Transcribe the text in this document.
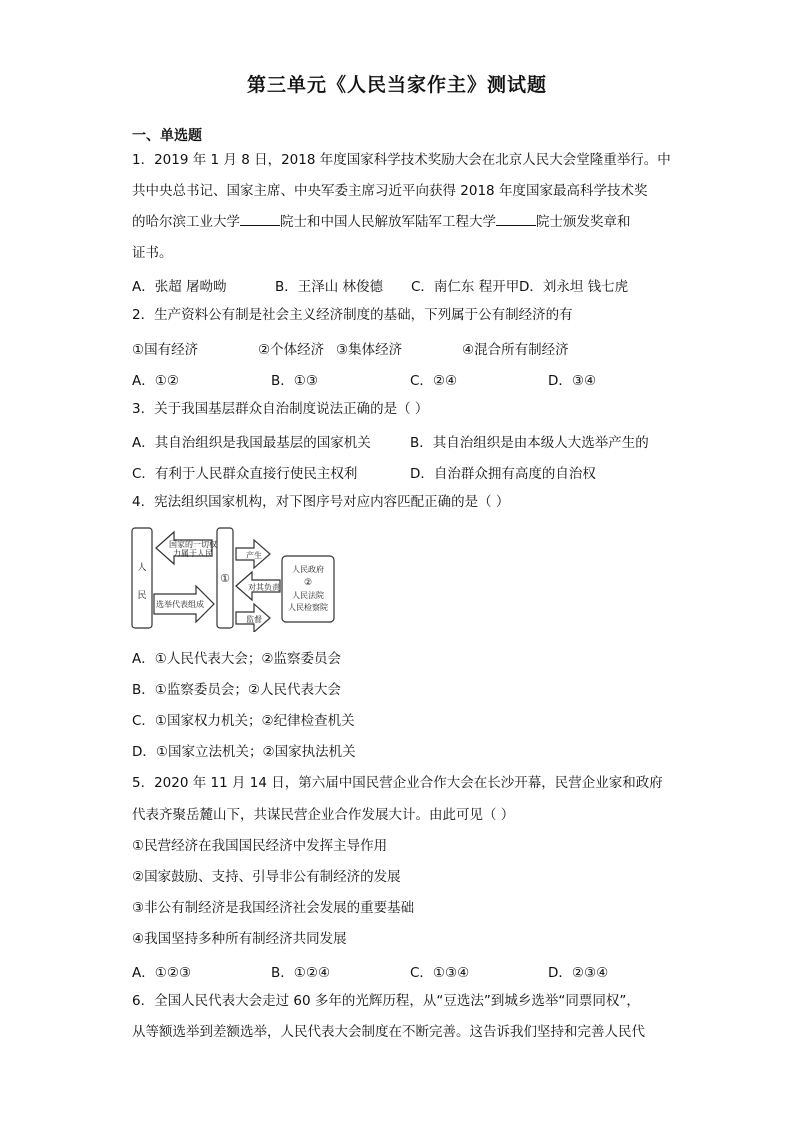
第三单元《人民当家作主》测试题
一、单选题
1．2019 年 1 月 8 日，2018 年度国家科学技术奖励大会在北京人民大会堂隆重举行。中
共中央总书记、国家主席、中央军委主席习近平向获得 2018 年度国家最高科学技术奖
的哈尔滨工业大学	院士和中国人民解放军陆军工程大学	院士颁发奖章和
证书。
A．张超 屠呦呦	B．王泽山 林俊德 C．南仁东 程开甲 D．刘永坦 钱七虎
2．生产资料公有制是社会主义经济制度的基础，下列属于公有制经济的有
①国有经济	②个体经济 ③集体经济	④混合所有制经济
A．①②	B．①③	C．②④	D．③④
3．关于我国基层群众自治制度说法正确的是（ ）
A．其自治组织是我国最基层的国家机关	B．其自治组织是由本级人大选举产生的
C．有利于人民群众直接行使民主权利	D．自治群众拥有高度的自治权
4．宪法组织国家机构，对下图序号对应内容匹配正确的是（ ）
人
民
国家的一切权
力属于人民
选举代表组成
①
产生
对其负责
监督
人民政府
②
人民法院
人民检察院
A．①人民代表大会；②监察委员会
B．①监察委员会；②人民代表大会
C．①国家权力机关；②纪律检查机关
D．①国家立法机关；②国家执法机关
5．2020 年 11 月 14 日，第六届中国民营企业合作大会在长沙开幕，民营企业家和政府
代表齐聚岳麓山下，共谋民营企业合作发展大计。由此可见（ ）
①民营经济在我国国民经济中发挥主导作用
②国家鼓励、支持、引导非公有制经济的发展
③非公有制经济是我国经济社会发展的重要基础
④我国坚持多种所有制经济共同发展
A．①②③	B．①②④	C．①③④	D．②③④
6．全国人民代表大会走过 60 多年的光辉历程，从“豆选法”到城乡选举“同票同权”，
从等额选举到差额选举，人民代表大会制度在不断完善。这告诉我们坚持和完善人民代
